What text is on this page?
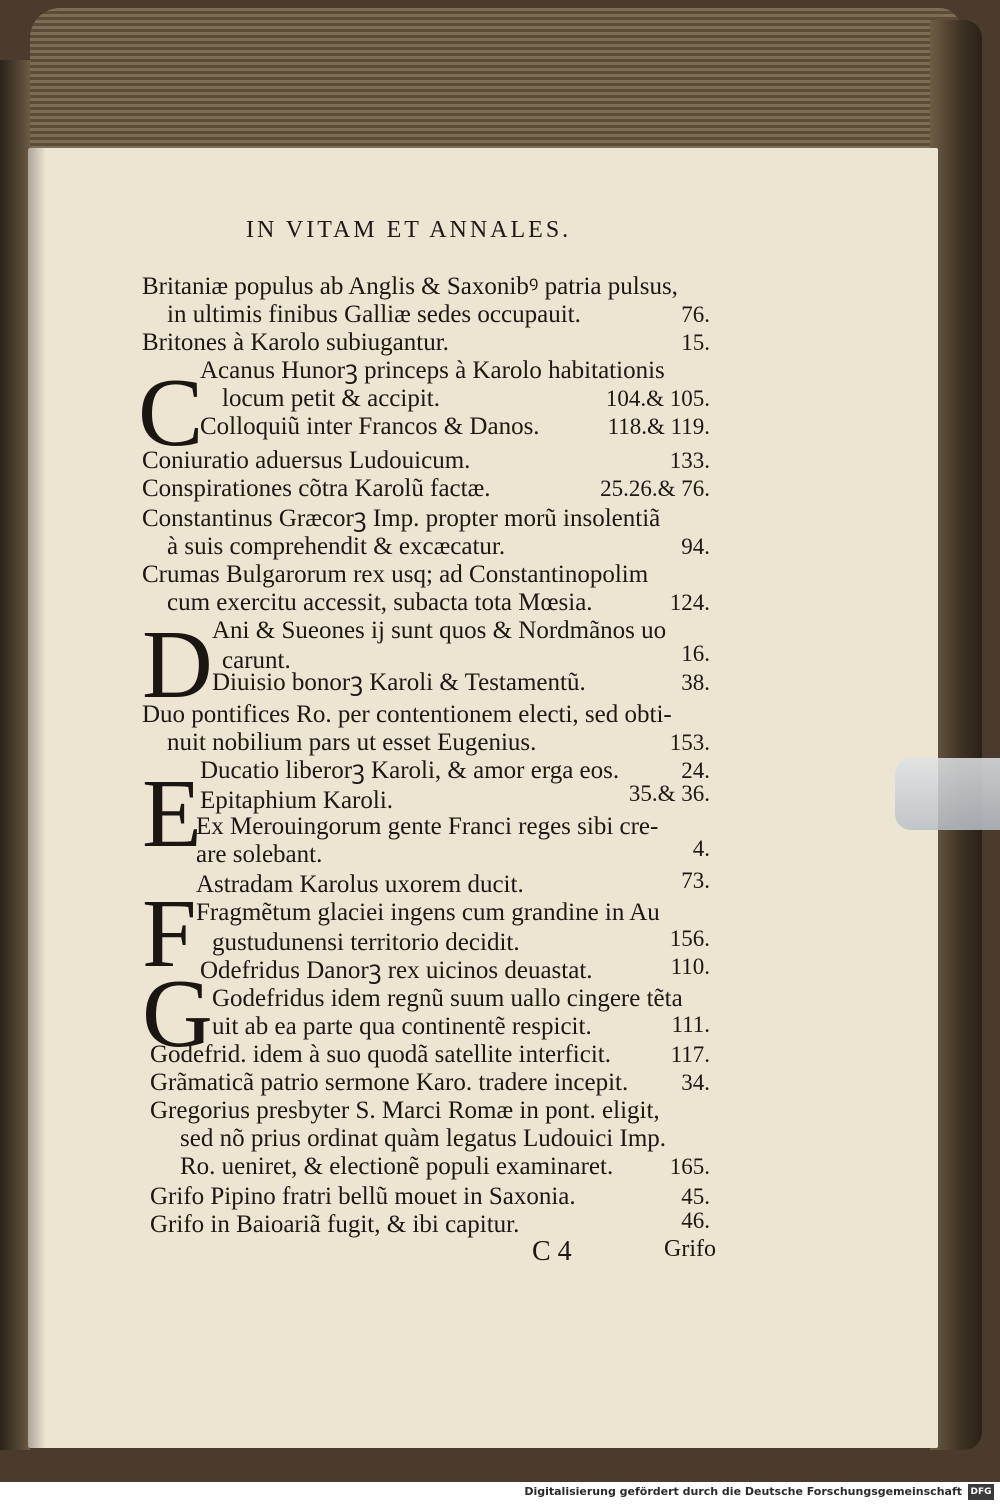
IN VITAM ET ANNALES.
C
D
E
F
G
Britaniæ populus ab Anglis & Saxonibꝰ patria pulsus,
in ultimis finibus Galliæ sedes occupauit.	76.
Britones à Karolo subiugantur.	15.
Acanus Hunorꝫ princeps à Karolo habitationis
locum petit & accipit.	104.& 105.
Colloquiũ inter Francos & Danos.	118.& 119.
Coniuratio aduersus Ludouicum.	133.
Conspirationes cõtra Karolũ factæ.	25.26.& 76.
Constantinus Græcorꝫ Imp. propter morũ insolentiã
à suis comprehendit & excæcatur.	94.
Crumas Bulgarorum rex usq; ad Constantinopolim
cum exercitu accessit, subacta tota Mœsia.	124.
Ani & Sueones ij sunt quos & Nordmãnos uo
carunt.	16.
Diuisio bonorꝫ Karoli & Testamentũ.	38.
Duo pontifices Ro. per contentionem electi, sed obti-
nuit nobilium pars ut esset Eugenius.	153.
Ducatio liberorꝫ Karoli, & amor erga eos.	24.
Epitaphium Karoli.	35.& 36.
Ex Merouingorum gente Franci reges sibi cre-
are solebant.	4.
Astradam Karolus uxorem ducit.	73.
Fragmẽtum glaciei ingens cum grandine in Au
gustudunensi territorio decidit.	156.
Odefridus Danorꝫ rex uicinos deuastat.	110.
Godefridus idem regnũ suum uallo cingere tẽta
uit ab ea parte qua continentẽ respicit.	111.
Godefrid. idem à suo quodã satellite interficit.	117.
Grãmaticã patrio sermone Karo. tradere incepit. 34.
Gregorius presbyter S. Marci Romæ in pont. eligit,
sed nõ prius ordinat quàm legatus Ludouici Imp.
Ro. ueniret, & electionẽ populi examinaret. 165.
Grifo Pipino fratri bellũ mouet in Saxonia.	45.
Grifo in Baioariã fugit, & ibi capitur.	46.
C 4	Grifo
Digitalisierung gefördert durch die Deutsche Forschungsgemeinschaft DFG
